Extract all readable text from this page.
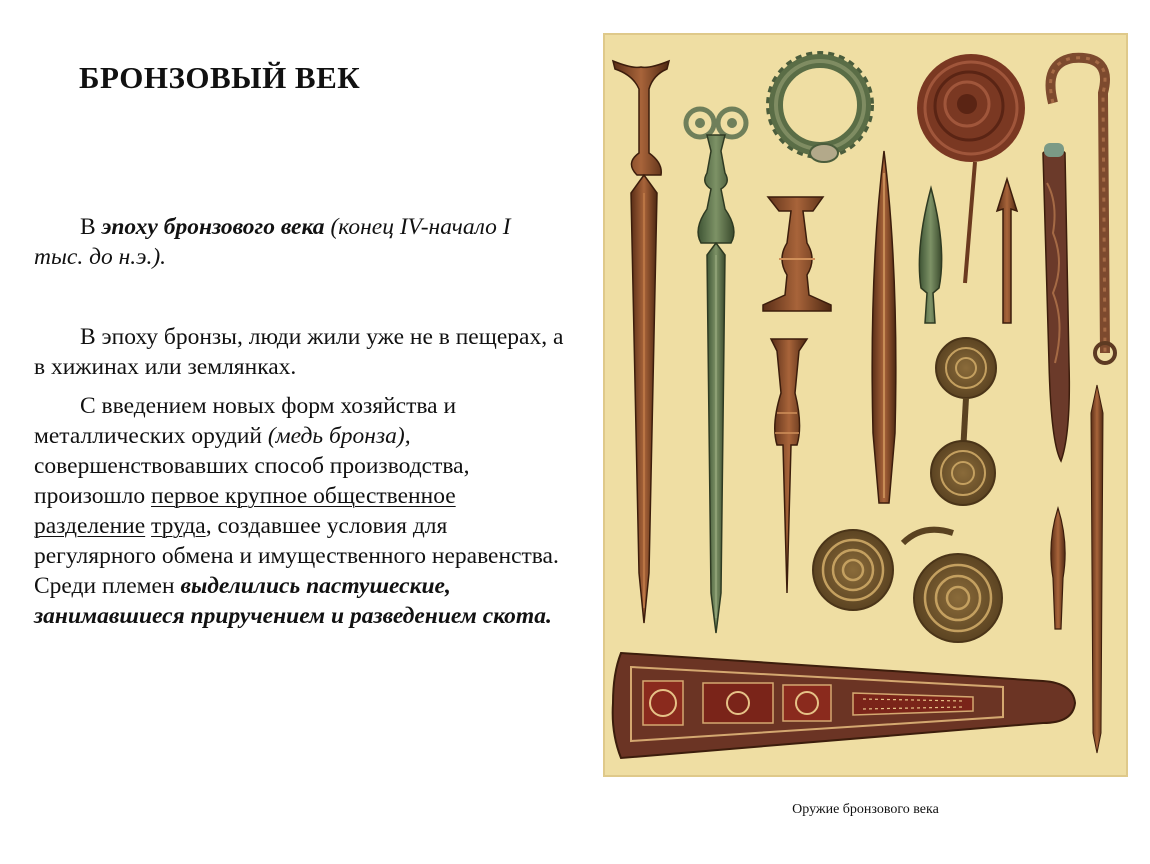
БРОНЗОВЫЙ ВЕК

В эпоху бронзового века (конец IV-начало I тыс. до н.э.).

В эпоху бронзы, люди жили уже не в пещерах, а в хижинах или землянках.

С введением новых форм хозяйства и металлических орудий (медь бронза), совершенствовавших способ производства, произошло первое крупное общественное разделение труда, создавшее условия для регулярного обмена и имущественного неравенства. Среди племен выделились пастушеские, занимавшиеся приручением и разведением скота.

Оружие бронзового века
